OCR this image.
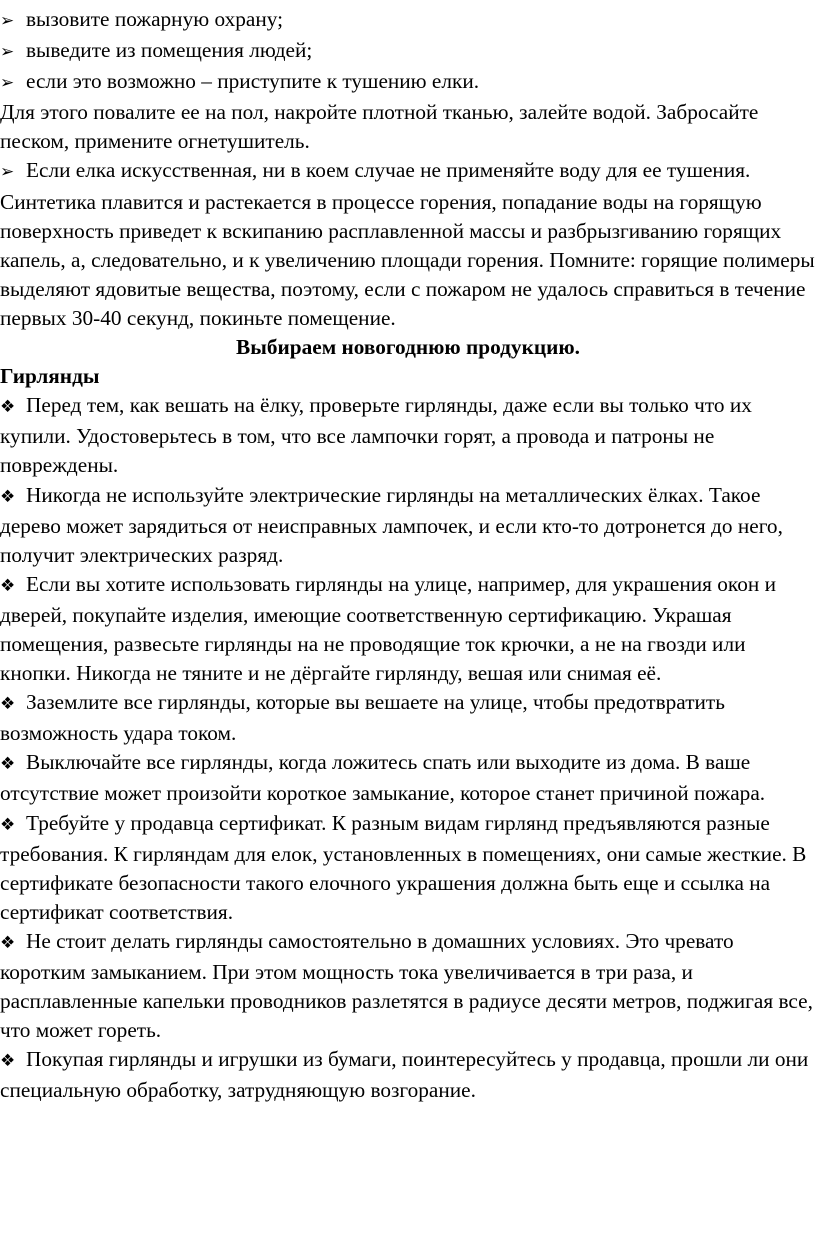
➢ вызовите пожарную охрану;

➢ выведите из помещения людей;

➢ если это возможно – приступите к тушению елки.

Для этого повалите ее на пол, накройте плотной тканью, залейте водой. Забросайте песком, примените огнетушитель.

➢ Если елка искусственная, ни в коем случае не применяйте воду для ее тушения. Синтетика плавится и растекается в процессе горения, попадание воды на горящую поверхность приведет к вскипанию расплавленной массы и разбрызгиванию горящих капель, а, следовательно, и к увеличению площади горения. Помните: горящие полимеры выделяют ядовитые вещества, поэтому, если с пожаром не удалось справиться в течение первых 30-40 секунд, покиньте помещение.

Выбираем новогоднюю продукцию.

Гирлянды

❖ Перед тем, как вешать на ёлку, проверьте гирлянды, даже если вы только что их купили. Удостоверьтесь в том, что все лампочки горят, а провода и патроны не повреждены.

❖ Никогда не используйте электрические гирлянды на металлических ёлках. Такое дерево может зарядиться от неисправных лампочек, и если кто-то дотронется до него, получит электрических разряд.

❖ Если вы хотите использовать гирлянды на улице, например, для украшения окон и дверей, покупайте изделия, имеющие соответственную сертификацию. Украшая помещения, развесьте гирлянды на не проводящие ток крючки, а не на гвозди или кнопки. Никогда не тяните и не дёргайте гирлянду, вешая или снимая её.

❖ Заземлите все гирлянды, которые вы вешаете на улице, чтобы предотвратить возможность удара током.

❖ Выключайте все гирлянды, когда ложитесь спать или выходите из дома. В ваше отсутствие может произойти короткое замыкание, которое станет причиной пожара.

❖ Требуйте у продавца сертификат. К разным видам гирлянд предъявляются разные требования. К гирляндам для елок, установленных в помещениях, они самые жесткие. В сертификате безопасности такого елочного украшения должна быть еще и ссылка на сертификат соответствия.

❖ Не стоит делать гирлянды самостоятельно в домашних условиях. Это чревато коротким замыканием. При этом мощность тока увеличивается в три раза, и расплавленные капельки проводников разлетятся в радиусе десяти метров, поджигая все, что может гореть.

❖ Покупая гирлянды и игрушки из бумаги, поинтересуйтесь у продавца, прошли ли они специальную обработку, затрудняющую возгорание.
